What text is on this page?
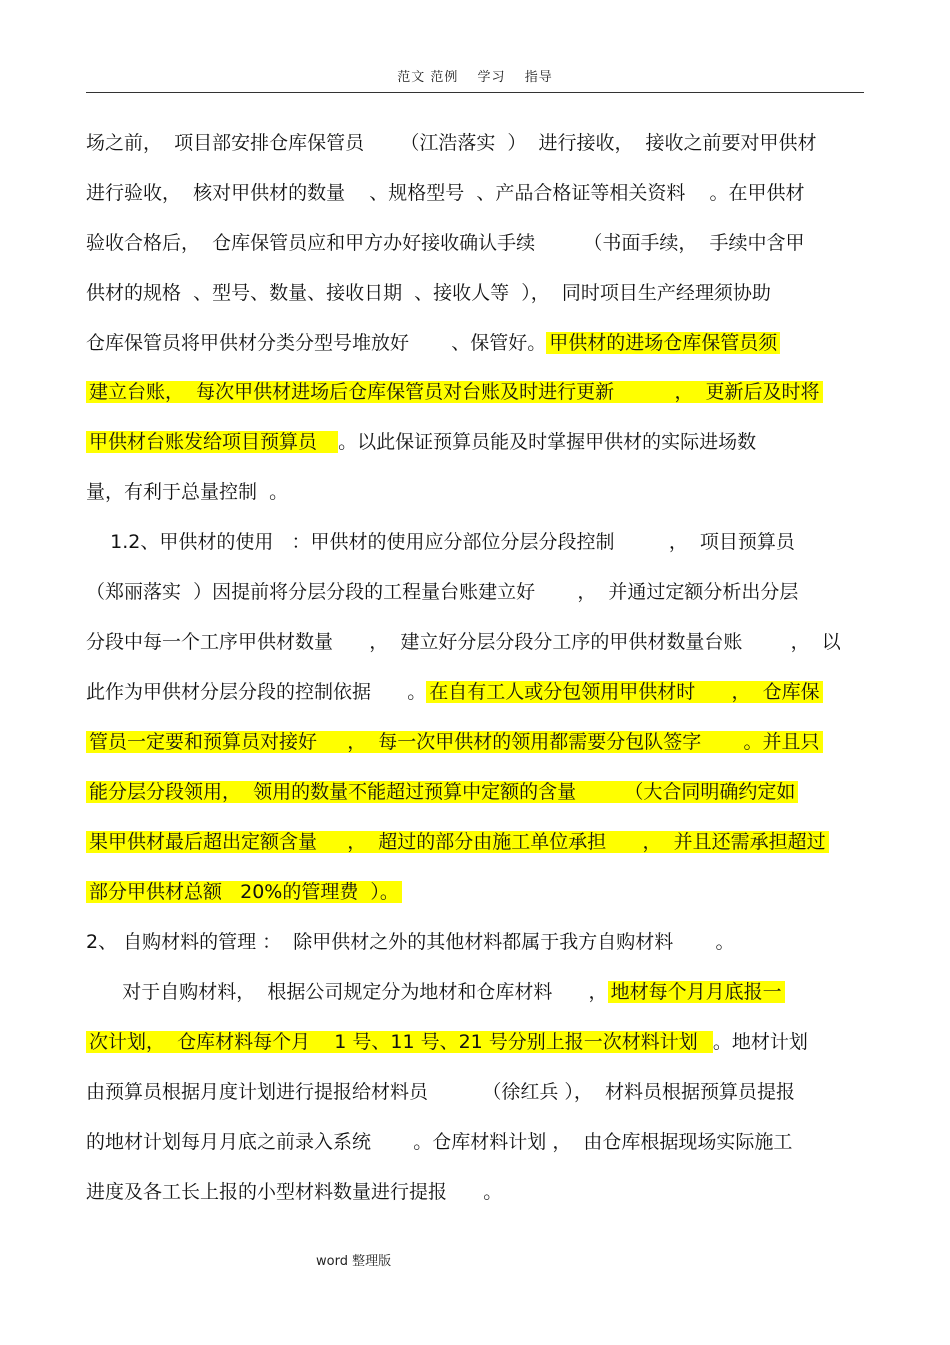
范文 范例　 学习　 指导
场之前，  项目部安排仓库保管员      （江浩落实  ）  进行接收，  接收之前要对甲供材
进行验收，  核对甲供材的数量    、规格型号  、产品合格证等相关资料    。在甲供材
验收合格后，  仓库保管员应和甲方办好接收确认手续        （书面手续，  手续中含甲
供材的规格  、型号、数量、接收日期  、接收人等  ），  同时项目生产经理须协助
仓库保管员将甲供材分类分型号堆放好       、保管好。 甲供材的进场仓库保管员须
建立台账，  每次甲供材进场后仓库保管员对台账及时进行更新          ，  更新后及时将
甲供材台账发给项目预算员   。以此保证预算员能及时掌握甲供材的实际进场数
量，有利于总量控制  。
1.2、甲供材的使用   ：甲供材的使用应分部位分层分段控制         ，  项目预算员
（郑丽落实  ）因提前将分层分段的工程量台账建立好       ，  并通过定额分析出分层
分段中每一个工序甲供材数量      ，  建立好分层分段分工序的甲供材数量台账        ，  以
此作为甲供材分层分段的控制依据      。 在自有工人或分包领用甲供材时      ，  仓库保
管员一定要和预算员对接好     ，  每一次甲供材的领用都需要分包队签字       。并且只
能分层分段领用，  领用的数量不能超过预算中定额的含量        （大合同明确约定如
果甲供材最后超出定额含量     ，  超过的部分由施工单位承担      ，  并且还需承担超过
部分甲供材总额   20%的管理费  ）。
2、 自购材料的管理 ：  除甲供材之外的其他材料都属于我方自购材料       。
对于自购材料，  根据公司规定分为地材和仓库材料      ， 地材每个月月底报一
次计划，  仓库材料每个月    1 号、11 号、21 号分别上报一次材料计划  。地材计划
由预算员根据月度计划进行提报给材料员         （徐红兵 ），  材料员根据预算员提报
的地材计划每月月底之前录入系统       。仓库材料计划 ，  由仓库根据现场实际施工
进度及各工长上报的小型材料数量进行提报      。
word 整理版
